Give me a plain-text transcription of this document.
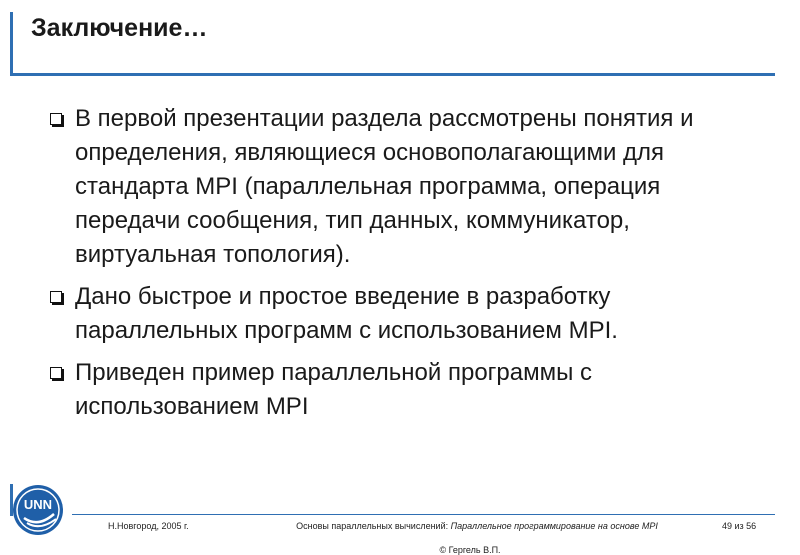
Заключение…
В первой презентации раздела рассмотрены понятия и определения, являющиеся основополагающими для стандарта MPI (параллельная программа, операция передачи сообщения, тип данных, коммуникатор, виртуальная топология).
Дано быстрое и простое введение в разработку параллельных программ с использованием MPI.
Приведен пример параллельной программы с использованием MPI
UNN
Н.Новгород, 2005 г.	Основы параллельных вычислений: Параллельное программирование на основе MPI	49 из 56
© Гергель В.П.
